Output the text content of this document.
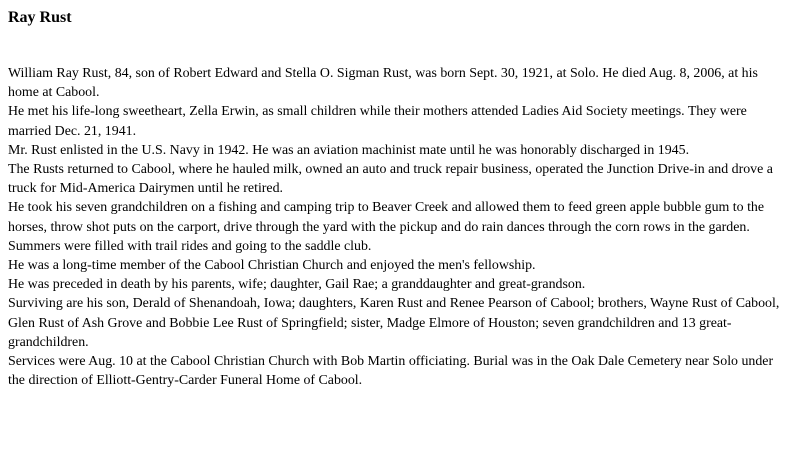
Ray Rust
William Ray Rust, 84, son of Robert Edward and Stella O. Sigman Rust, was born Sept. 30, 1921, at Solo. He died Aug. 8, 2006, at his home at Cabool.
He met his life-long sweetheart, Zella Erwin, as small children while their mothers attended Ladies Aid Society meetings. They were married Dec. 21, 1941.
Mr. Rust enlisted in the U.S. Navy in 1942. He was an aviation machinist mate until he was honorably discharged in 1945.
The Rusts returned to Cabool, where he hauled milk, owned an auto and truck repair business, operated the Junction Drive-in and drove a truck for Mid-America Dairymen until he retired.
He took his seven grandchildren on a fishing and camping trip to Beaver Creek and allowed them to feed green apple bubble gum to the horses, throw shot puts on the carport, drive through the yard with the pickup and do rain dances through the corn rows in the garden.
Summers were filled with trail rides and going to the saddle club.
He was a long-time member of the Cabool Christian Church and enjoyed the men's fellowship.
He was preceded in death by his parents, wife; daughter, Gail Rae; a granddaughter and great-grandson.
Surviving are his son, Derald of Shenandoah, Iowa; daughters, Karen Rust and Renee Pearson of Cabool; brothers, Wayne Rust of Cabool, Glen Rust of Ash Grove and Bobbie Lee Rust of Springfield; sister, Madge Elmore of Houston; seven grandchildren and 13 great-grandchildren.
Services were Aug. 10 at the Cabool Christian Church with Bob Martin officiating. Burial was in the Oak Dale Cemetery near Solo under the direction of Elliott-Gentry-Carder Funeral Home of Cabool.
